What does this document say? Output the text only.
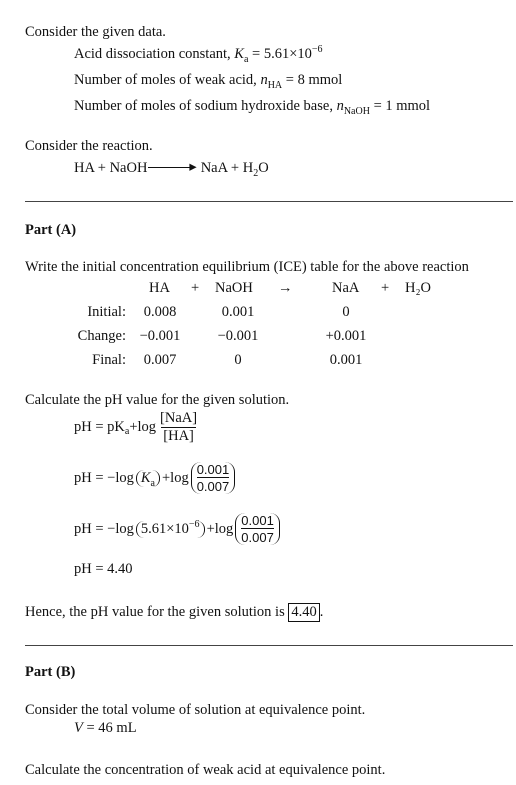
Consider the given data.
Acid dissociation constant, $K_a = 5.61\times 10^{-6}$
Number of moles of weak acid, $n_{HA} = 8$ mmol
Number of moles of sodium hydroxide base, $n_{NaOH} = 1$ mmol
Consider the reaction.
HA + NaOH	▸ NaA + $H_2O$
Part (A)
Write the initial concentration equilibrium (ICE) table for the above reaction
HA + NaOH →	NaA + H₂O
Initial:	0.008	0.001	0
Change: −0.001	−0.001	+0.001
Final:	0.007	0	0.001
Calculate the pH value for the given solution.
pH = $pK_a +\log \frac{\text{[NaA]}}{[HA]}$
pH = −log $K_a +\log \frac{0.001}{0.007}$
pH = −log $5.61\times 10^{-6} +\log \frac{0.001}{0.007}$
pH = 4.40
Hence, the pH value for the given solution is 4.40 .
Part (B)
Consider the total volume of solution at equivalence point.
V = 46 mL
Calculate the concentration of weak acid at equivalence point.
